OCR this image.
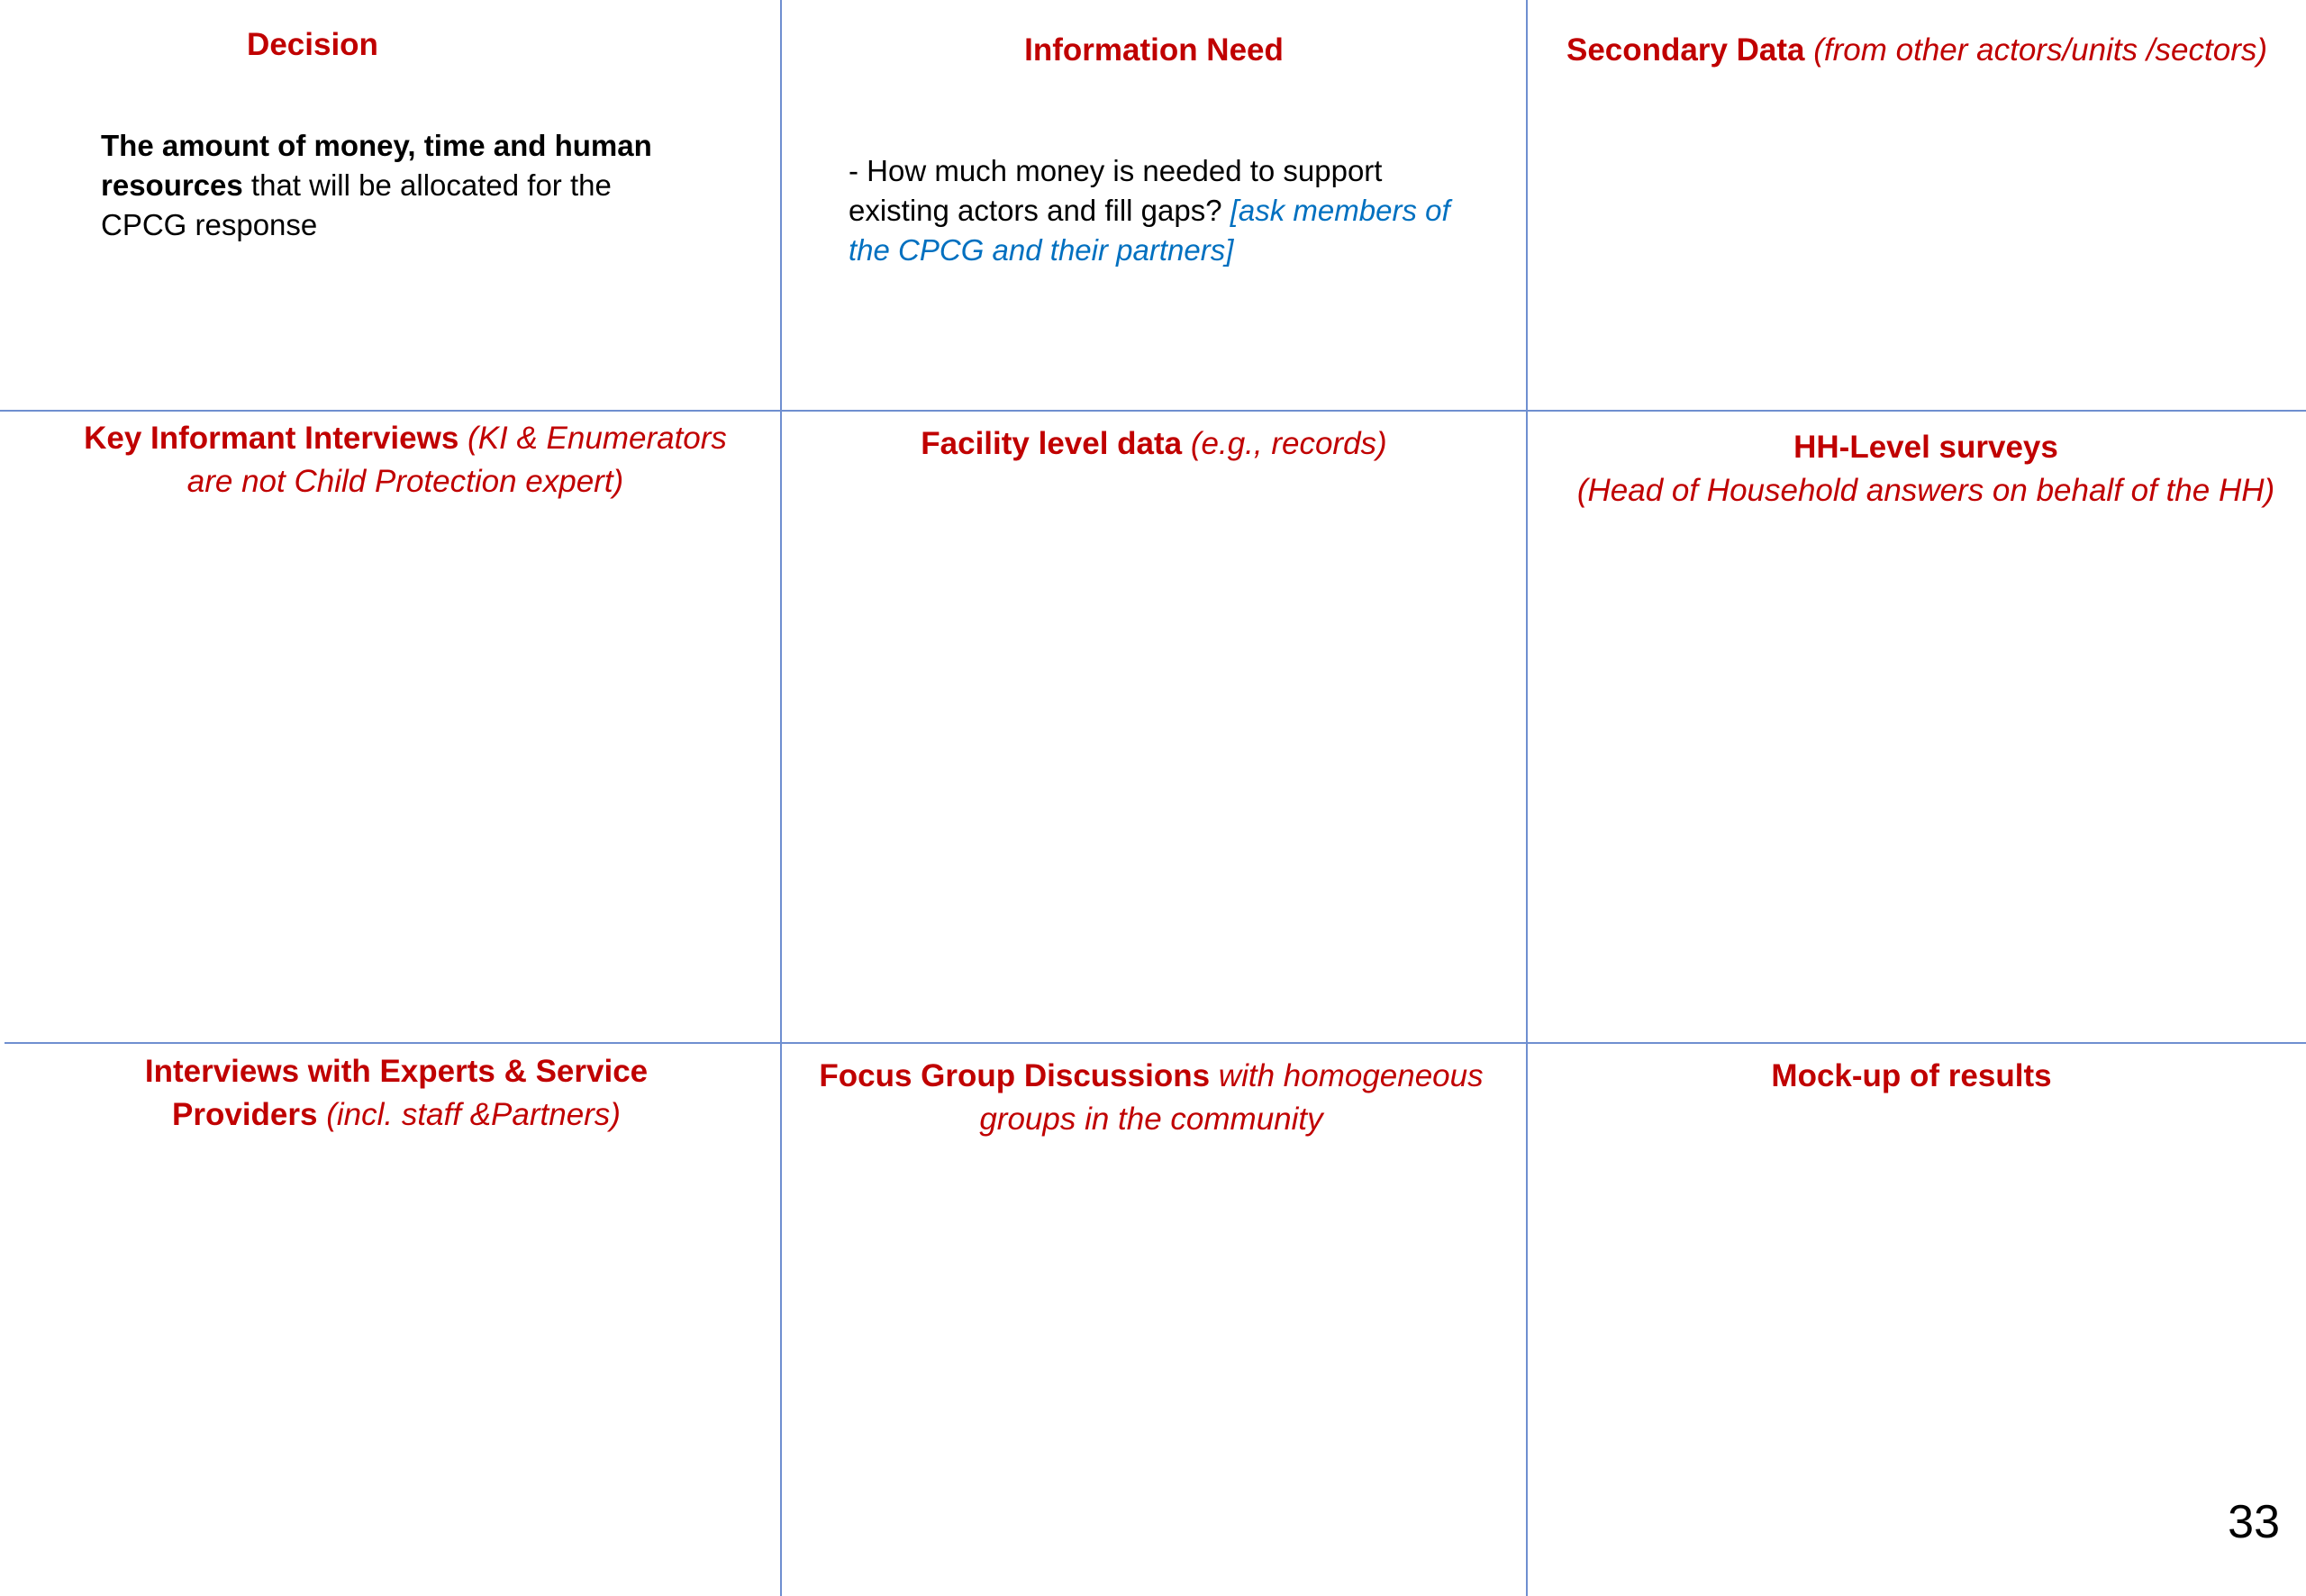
Decision
The amount of money, time and human resources that will be allocated for the CPCG response
Information Need
- How much money is needed to support existing actors and fill gaps? [ask members of the CPCG and their partners]
Secondary Data (from other actors/units /sectors)
Key Informant Interviews (KI & Enumerators are not Child Protection expert)
Facility level data (e.g., records)	HH-Level surveys
(Head of Household answers on behalf of the HH)
Interviews with Experts & Service Providers (incl. staff &Partners)
Focus Group Discussions with homogeneous groups in the community
Mock-up of results
33
